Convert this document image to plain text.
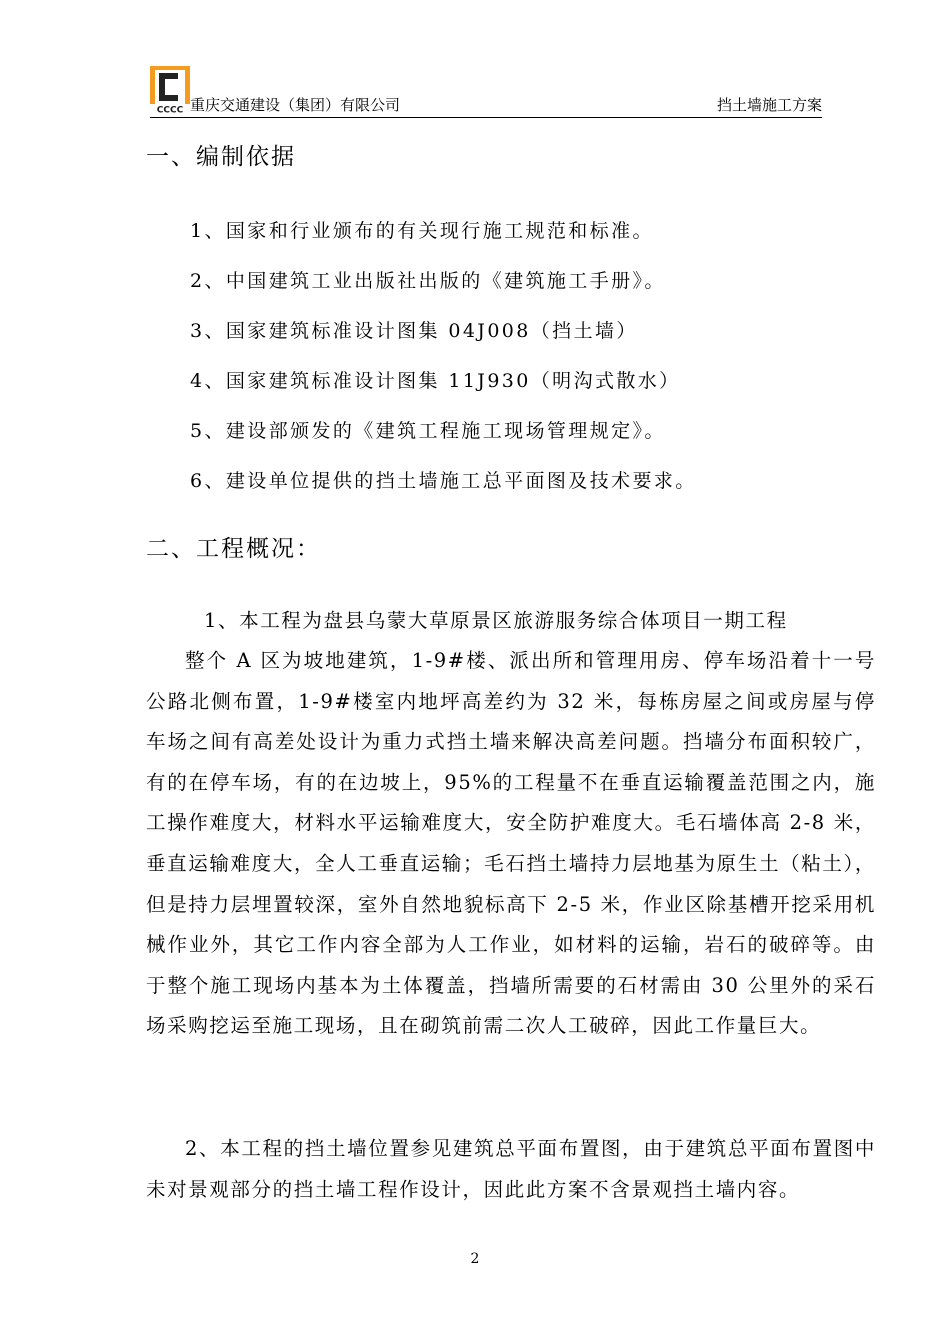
CCCC 重庆交通建设（集团）有限公司	挡土墙施工方案
一、编制依据
1、国家和行业颁布的有关现行施工规范和标准。
2、中国建筑工业出版社出版的《建筑施工手册》。
3、国家建筑标准设计图集 04J008（挡土墙）
4、国家建筑标准设计图集 11J930（明沟式散水）
5、建设部颁发的《建筑工程施工现场管理规定》。
6、建设单位提供的挡土墙施工总平面图及技术要求。
二、工程概况：

1、本工程为盘县乌蒙大草原景区旅游服务综合体项目一期工程

整个 A 区为坡地建筑，1-9#楼、派出所和管理用房、停车场沿着十一号公路北侧布置，1-9#楼室内地坪高差约为 32 米，每栋房屋之间或房屋与停车场之间有高差处设计为重力式挡土墙来解决高差问题。挡墙分布面积较广，有的在停车场，有的在边坡上，95%的工程量不在垂直运输覆盖范围之内，施工操作难度大，材料水平运输难度大，安全防护难度大。毛石墙体高 2-8 米，垂直运输难度大，全人工垂直运输；毛石挡土墙持力层地基为原生土（粘土），但是持力层埋置较深，室外自然地貌标高下 2-5 米，作业区除基槽开挖采用机械作业外，其它工作内容全部为人工作业，如材料的运输，岩石的破碎等。由于整个施工现场内基本为土体覆盖，挡墙所需要的石材需由 30 公里外的采石场采购挖运至施工现场，且在砌筑前需二次人工破碎，因此工作量巨大。

2、本工程的挡土墙位置参见建筑总平面布置图，由于建筑总平面布置图中未对景观部分的挡土墙工程作设计，因此此方案不含景观挡土墙内容。

2
